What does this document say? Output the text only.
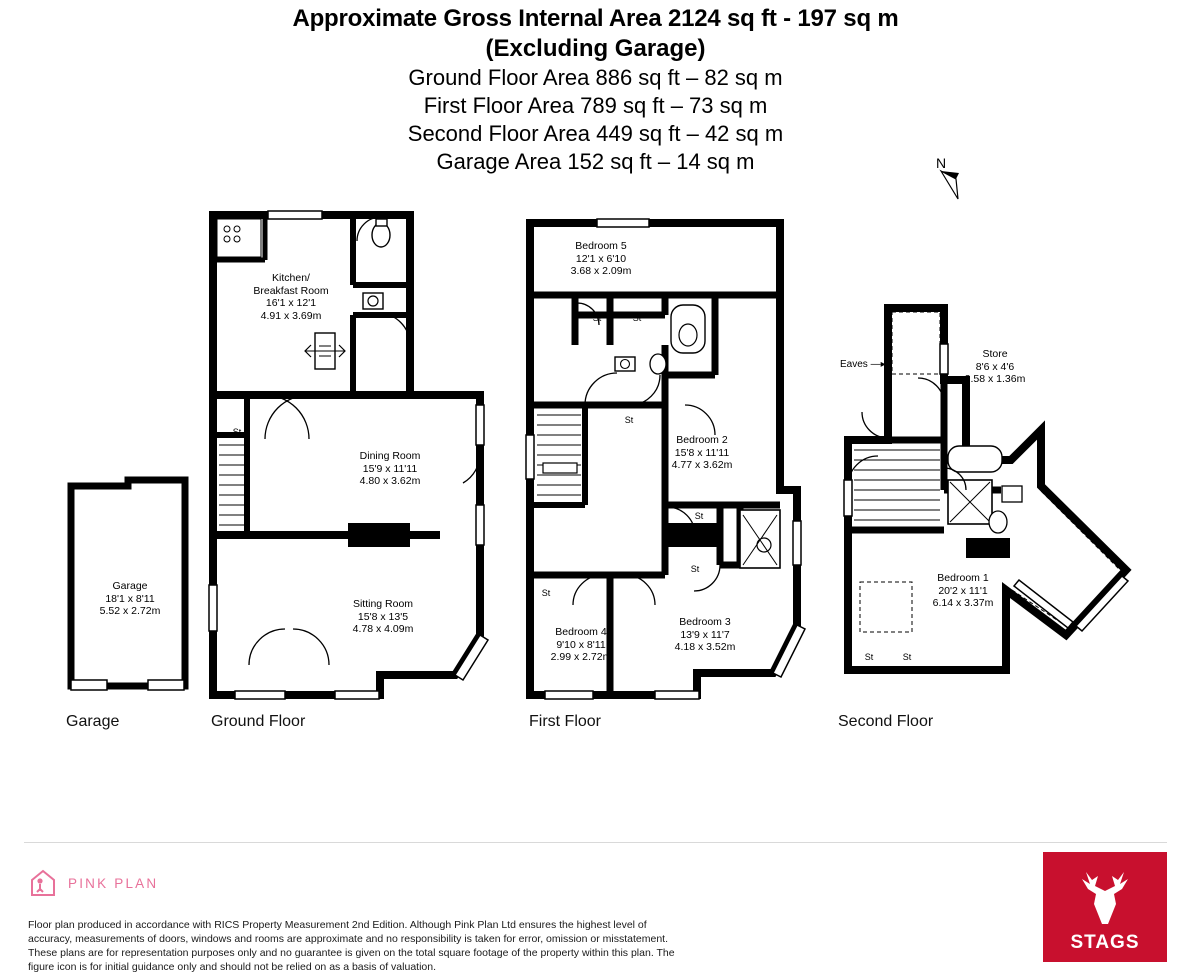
Approximate Gross Internal Area 2124 sq ft - 197 sq m
(Excluding Garage)
Ground Floor Area 886 sq ft – 82 sq m
First Floor Area 789 sq ft – 73 sq m
Second Floor Area 449 sq ft – 42 sq m
Garage Area 152 sq ft – 14 sq m	N
Garage
18'1 x 8'11
5.52 x 2.72m
Garage
St
Kitchen/
Breakfast Room
16'1 x 12'1
4.91 x 3.69m
Dining Room
15'9 x 11'11
4.80 x 3.62m
Sitting Room
15'8 x 13'5
4.78 x 4.09m
Ground Floor
Bedroom 5
12'1 x 6'10
3.68 x 2.09m
St	St
St
St
St
St
Bedroom 2
15'8 x 11'11
4.77 x 3.62m
Bedroom 3
13'9 x 11'7
4.18 x 3.52m
Bedroom 4
9'10 x 8'11
2.99 x 2.72m
First Floor
Eaves —▸
Store
8'6 x 4'6
2.58 x 1.36m
Bedroom 1
20'2 x 11'1
6.14 x 3.37m
St	St
Second Floor
PINK PLAN
Floor plan produced in accordance with RICS Property Measurement 2nd Edition. Although Pink Plan Ltd ensures the highest level of accuracy, measurements of doors, windows and rooms are approximate and no responsibility is taken for error, omission or misstatement. These plans are for representation purposes only and no guarantee is given on the total square footage of the property within this plan. The figure icon is for initial guidance only and should not be relied on as a basis of valuation.
STAGS
